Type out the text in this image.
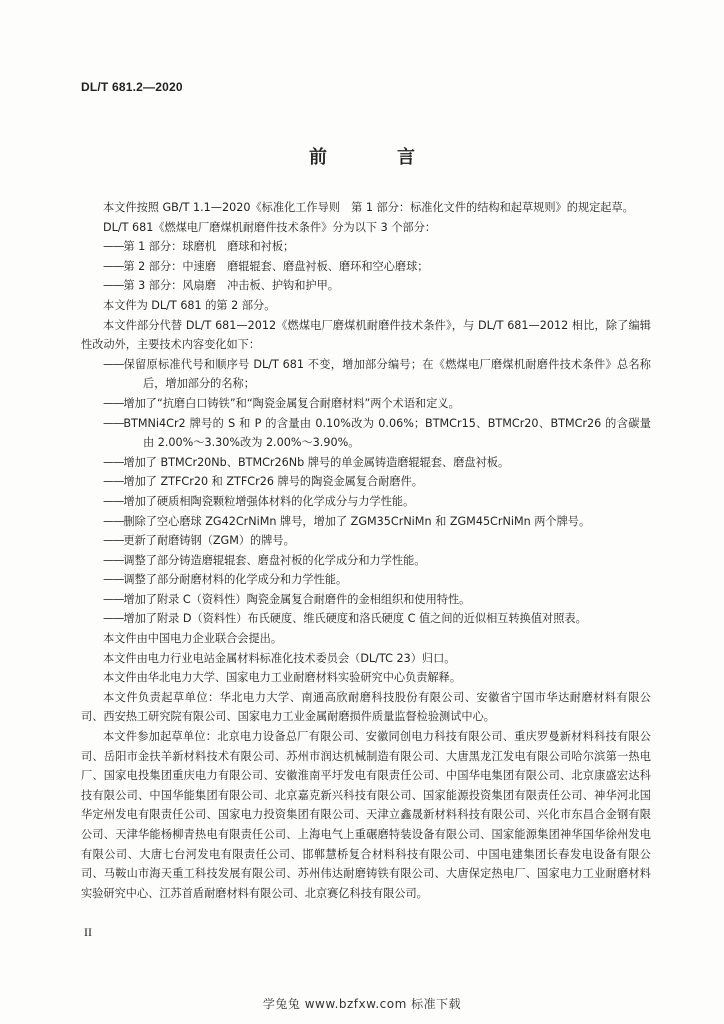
DL/T 681.2—2020
前　言

本文件按照 GB/T 1.1—2020《标准化工作导则　第 1 部分：标准化文件的结构和起草规则》的规定起草。

DL/T 681《燃煤电厂磨煤机耐磨件技术条件》分为以下 3 个部分：

——第 1 部分：球磨机　磨球和衬板；

——第 2 部分：中速磨　磨辊辊套、磨盘衬板、磨环和空心磨球；

——第 3 部分：风扇磨　冲击板、护钩和护甲。

本文件为 DL/T 681 的第 2 部分。

本文件部分代替 DL/T 681—2012《燃煤电厂磨煤机耐磨件技术条件》，与 DL/T 681—2012 相比，除了编辑性改动外，主要技术内容变化如下：

——保留原标准代号和顺序号 DL/T 681 不变，增加部分编号；在《燃煤电厂磨煤机耐磨件技术条件》总名称后，增加部分的名称；

——增加了“抗磨白口铸铁”和“陶瓷金属复合耐磨材料”两个术语和定义。

——BTMNi4Cr2 牌号的 S 和 P 的含量由 0.10%改为 0.06%；BTMCr15、BTMCr20、BTMCr26 的含碳量由 2.00%～3.30%改为 2.00%～3.90%。

——增加了 BTMCr20Nb、BTMCr26Nb 牌号的单金属铸造磨辊辊套、磨盘衬板。

——增加了 ZTFCr20 和 ZTFCr26 牌号的陶瓷金属复合耐磨件。

——增加了硬质相陶瓷颗粒增强体材料的化学成分与力学性能。

——删除了空心磨球 ZG42CrNiMn 牌号，增加了 ZGM35CrNiMn 和 ZGM45CrNiMn 两个牌号。

——更新了耐磨铸钢（ZGM）的牌号。

——调整了部分铸造磨辊辊套、磨盘衬板的化学成分和力学性能。

——调整了部分耐磨材料的化学成分和力学性能。

——增加了附录 C（资料性）陶瓷金属复合耐磨件的金相组织和使用特性。

——增加了附录 D（资料性）布氏硬度、维氏硬度和洛氏硬度 C 值之间的近似相互转换值对照表。

本文件由中国电力企业联合会提出。

本文件由电力行业电站金属材料标准化技术委员会（DL/TC 23）归口。

本文件由华北电力大学、国家电力工业耐磨材料实验研究中心负责解释。

本文件负责起草单位：华北电力大学、南通高欣耐磨科技股份有限公司、安徽省宁国市华达耐磨材料有限公司、西安热工研究院有限公司、国家电力工业金属耐磨损件质量监督检验测试中心。

本文件参加起草单位：北京电力设备总厂有限公司、安徽同创电力科技有限公司、重庆罗曼新材料科技有限公司、岳阳市金扶羊新材料技术有限公司、苏州市润达机械制造有限公司、大唐黑龙江发电有限公司哈尔滨第一热电厂、国家电投集团重庆电力有限公司、安徽淮南平圩发电有限责任公司、中国华电集团有限公司、北京康盛宏达科技有限公司、中国华能集团有限公司、北京嘉克新兴科技有限公司、国家能源投资集团有限责任公司、神华河北国华定州发电有限责任公司、国家电力投资集团有限公司、天津立鑫晟新材料科技有限公司、兴化市东昌合金钢有限公司、天津华能杨柳青热电有限责任公司、上海电气上重碾磨特装设备有限公司、国家能源集团神华国华徐州发电有限公司、大唐七台河发电有限责任公司、邯郸慧桥复合材料科技有限公司、中国电建集团长春发电设备有限公司、马鞍山市海天重工科技发展有限公司、苏州伟达耐磨铸铁有限公司、大唐保定热电厂、国家电力工业耐磨材料实验研究中心、江苏首盾耐磨材料有限公司、北京赛亿科技有限公司。

II
学兔兔 www.bzfxw.com 标准下载
